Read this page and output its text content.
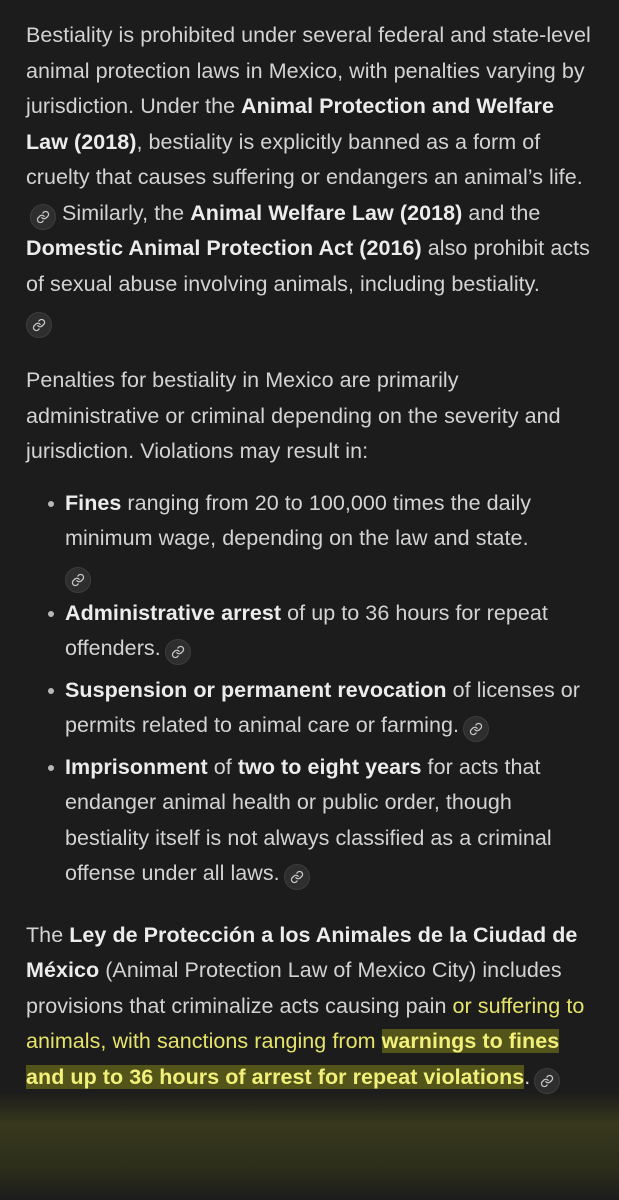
Bestiality is prohibited under several federal and state-level animal protection laws in Mexico, with penalties varying by jurisdiction. Under the Animal Protection and Welfare Law (2018), bestiality is explicitly banned as a form of cruelty that causes suffering or endangers an animal’s life.
Similarly, the Animal Welfare Law (2018) and the Domestic Animal Protection Act (2016) also prohibit acts of sexual abuse involving animals, including bestiality.

Penalties for bestiality in Mexico are primarily administrative or criminal depending on the severity and jurisdiction. Violations may result in:

Fines ranging from 20 to 100,000 times the daily minimum wage, depending on the law and state.
Administrative arrest of up to 36 hours for repeat offenders.
Suspension or permanent revocation of licenses or permits related to animal care or farming.
Imprisonment of two to eight years for acts that endanger animal health or public order, though bestiality itself is not always classified as a criminal offense under all laws.

The Ley de Protección a los Animales de la Ciudad de México (Animal Protection Law of Mexico City) includes provisions that criminalize acts causing pain or suffering to animals, with sanctions ranging from warnings to fines and up to 36 hours of arrest for repeat violations.
